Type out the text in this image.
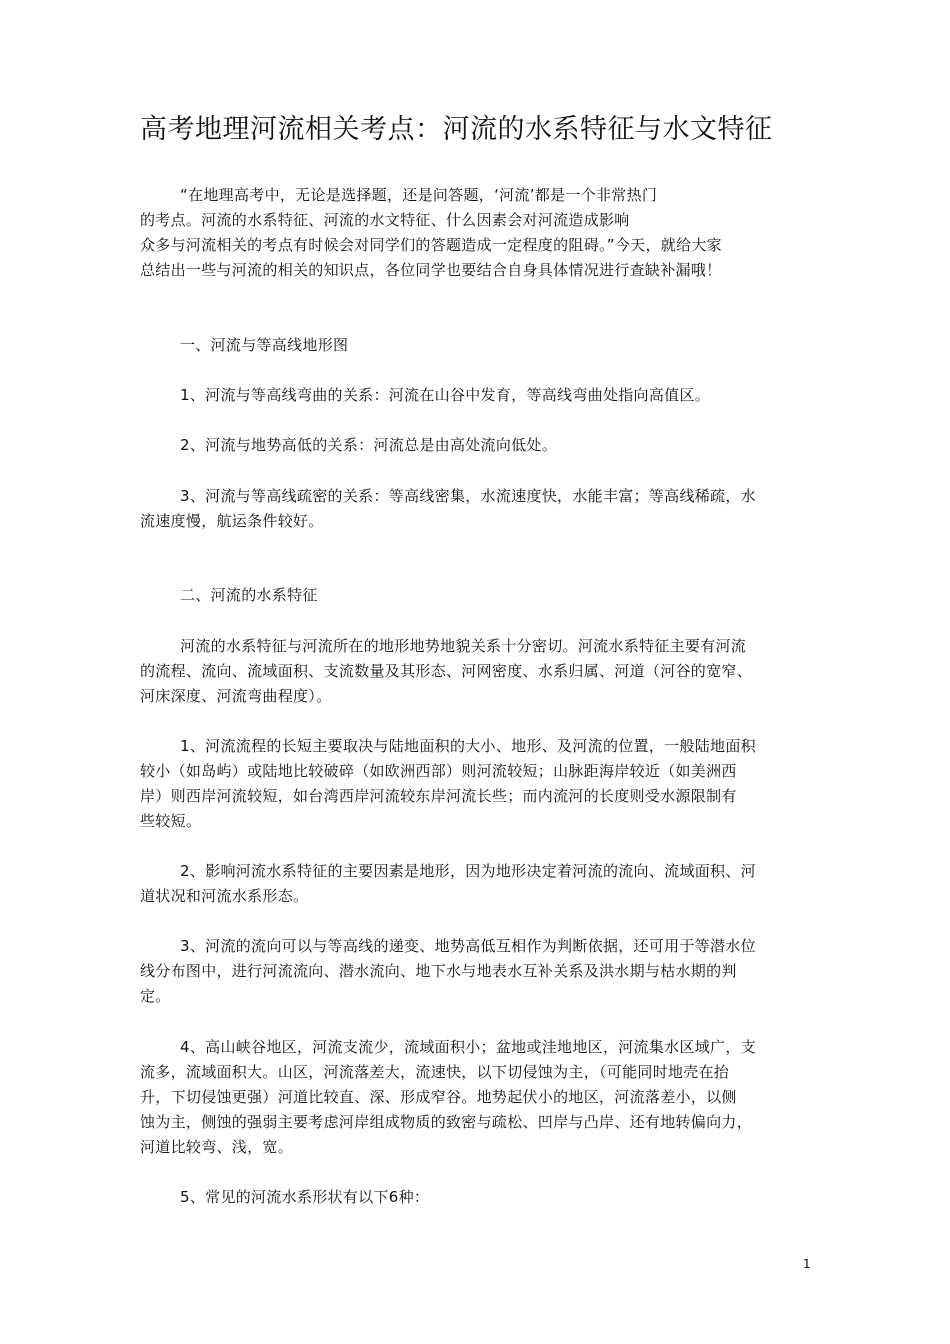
高考地理河流相关考点：河流的水系特征与水文特征
“在地理高考中，无论是选择题，还是问答题，‘河流’都是一个非常热门
的考点。河流的水系特征、河流的水文特征、什么因素会对河流造成影响
众多与河流相关的考点有时候会对同学们的答题造成一定程度的阻碍。”今天，就给大家
总结出一些与河流的相关的知识点，各位同学也要结合自身具体情况进行查缺补漏哦！
一、河流与等高线地形图
1、河流与等高线弯曲的关系：河流在山谷中发育，等高线弯曲处指向高值区。
2、河流与地势高低的关系：河流总是由高处流向低处。
3、河流与等高线疏密的关系：等高线密集，水流速度快，水能丰富；等高线稀疏，水
流速度慢，航运条件较好。
二、河流的水系特征
河流的水系特征与河流所在的地形地势地貌关系十分密切。河流水系特征主要有河流
的流程、流向、流域面积、支流数量及其形态、河网密度、水系归属、河道（河谷的宽窄、
河床深度、河流弯曲程度）。
1、河流流程的长短主要取决与陆地面积的大小、地形、及河流的位置，一般陆地面积
较小（如岛屿）或陆地比较破碎（如欧洲西部）则河流较短；山脉距海岸较近（如美洲西
岸）则西岸河流较短，如台湾西岸河流较东岸河流长些；而内流河的长度则受水源限制有
些较短。
2、影响河流水系特征的主要因素是地形，因为地形决定着河流的流向、流域面积、河
道状况和河流水系形态。
3、河流的流向可以与等高线的递变、地势高低互相作为判断依据，还可用于等潜水位
线分布图中，进行河流流向、潜水流向、地下水与地表水互补关系及洪水期与枯水期的判
定。
4、高山峡谷地区，河流支流少，流域面积小；盆地或洼地地区，河流集水区域广，支
流多，流域面积大。山区，河流落差大，流速快，以下切侵蚀为主，（可能同时地壳在抬
升，下切侵蚀更强）河道比较直、深、形成窄谷。地势起伏小的地区，河流落差小，以侧
蚀为主，侧蚀的强弱主要考虑河岸组成物质的致密与疏松、凹岸与凸岸、还有地转偏向力，
河道比较弯、浅，宽。
5、常见的河流水系形状有以下6种：
1
